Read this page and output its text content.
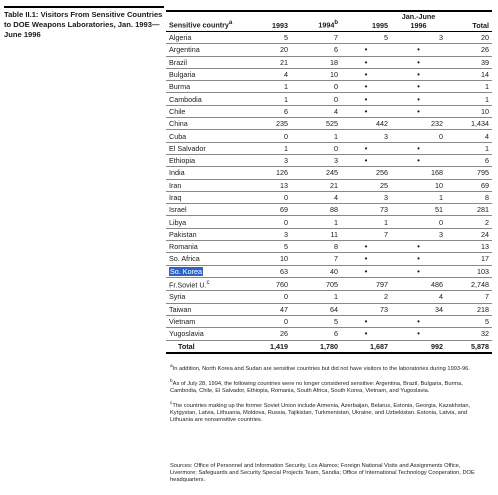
Table II.1: Visitors From Sensitive Countries to DOE Weapons Laboratories, Jan. 1993—June 1996
Sensitive country$^a$	1993	1994$^b$	1995	Jan.-June 1996	Total
Algeria	5	7	5	3	20
Argentina	20	6	•	•	26
Brazil	21	18	•	•	39
Bulgaria	4	10	•	•	14
Burma	1	0	•	•	1
Cambodia	1	0	•	•	1
Chile	6	4	•	•	10
China	235	525	442	232	1,434
Cuba	0	1	3	0	4
El Salvador	1	0	•	•	1
Ethiopia	3	3	•	•	6
India	126	245	256	168	795
Iran	13	21	25	10	69
Iraq	0	4	3	1	8
Israel	69	88	73	51	281
Libya	0	1	1	0	2
Pakistan	3	11	7	3	24
Romania	5	8	•	•	13
So. Africa	10	7	•	•	17
So. Korea	63	40	•	•	103
Fr.Soviet U.$^c$	760	705	797	486	2,748
Syria	0	1	2	4	7
Taiwan	47	64	73	34	218
Vietnam	0	5	•	•	5
Yugoslavia	26	6	•	•	32
Total	1,419	1,780	1,687	992	5,878

$^a$In addition, North Korea and Sudan are sensitive countries but did not have visitors to the laboratories during 1993-96.

$^b$As of July 28, 1994, the following countries were no longer considered sensitive: Argentina, Brazil, Bulgaria, Burma, Cambodia, Chile, El Salvador, Ethiopia, Romania, South Africa, South Korea, Vietnam, and Yugoslavia.

$^c$The countries making up the former Soviet Union include Armenia, Azerbaijan, Belarus, Estonia, Georgia, Kazakhstan, Kyrgystan, Latvia, Lithuania, Moldova, Russia, Tajikistan, Turkmenistan, Ukraine, and Uzbekistan. Estonia, Latvia, and Lithuania are nonsensitive countries.

Sources: Office of Personnel and Information Security, Los Alamos; Foreign National Visits and Assignments Office, Livermore; Safeguards and Security Special Projects Team, Sandia; Office of International Technology Cooperation, DOE headquarters.
